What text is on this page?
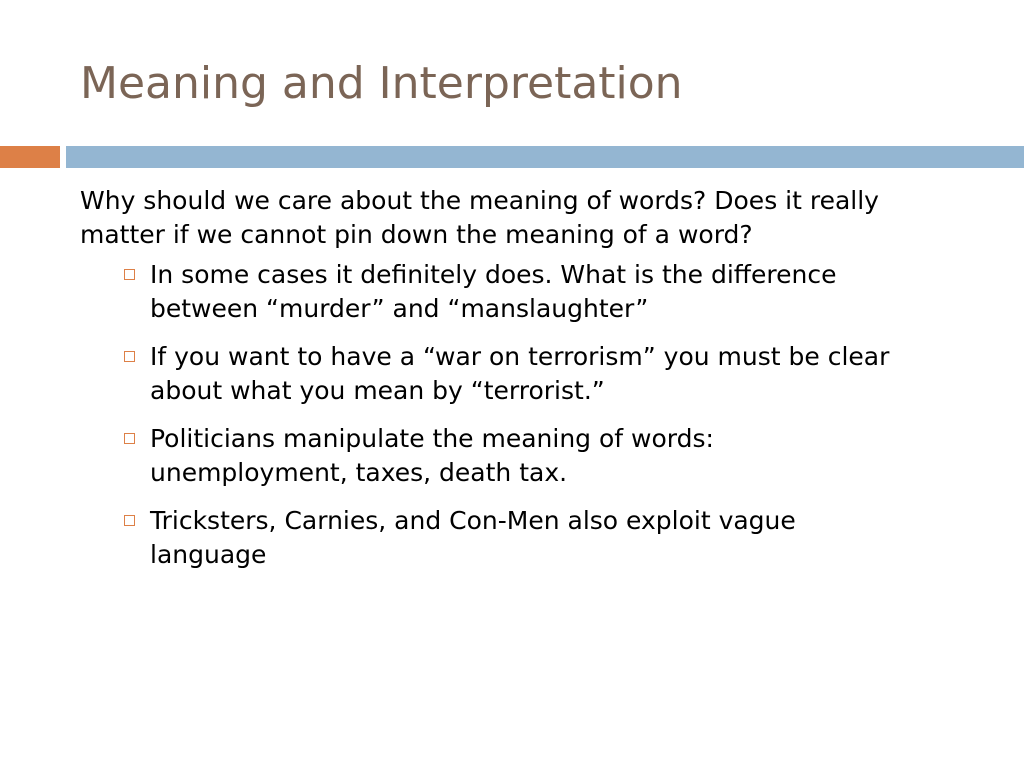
Meaning and Interpretation

Why should we care about the meaning of words? Does it really matter if we cannot pin down the meaning of a word?

In some cases it definitely does. What is the difference between “murder” and “manslaughter”
If you want to have a “war on terrorism” you must be clear about what you mean by “terrorist.”
Politicians manipulate the meaning of words: unemployment, taxes, death tax.
Tricksters, Carnies, and Con-Men also exploit vague language
